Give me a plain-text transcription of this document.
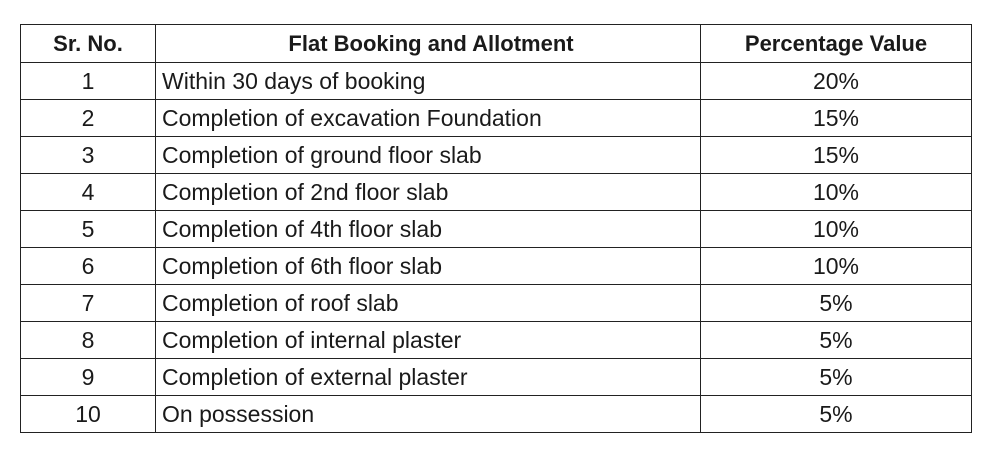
Sr. No.	Flat Booking and Allotment	Percentage Value
1	Within 30 days of booking	20%
2	Completion of excavation Foundation	15%
3	Completion of ground floor slab	15%
4	Completion of 2nd floor slab	10%
5	Completion of 4th floor slab	10%
6	Completion of 6th floor slab	10%
7	Completion of roof slab	5%
8	Completion of internal plaster	5%
9	Completion of external plaster	5%
10	On possession	5%
